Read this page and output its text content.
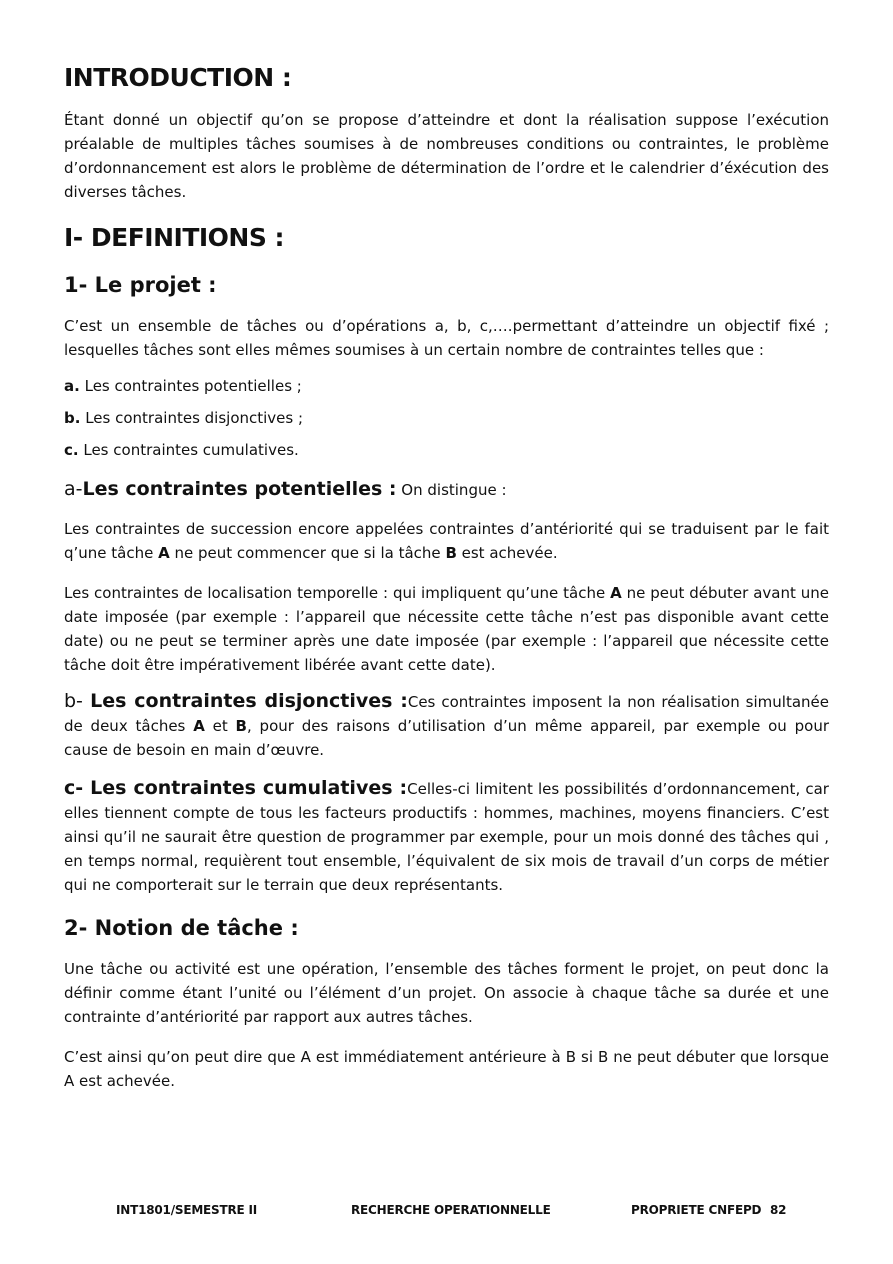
INTRODUCTION :

Étant donné un objectif qu’on se propose d’atteindre et dont la réalisation suppose l’exécution préalable de multiples tâches soumises à de nombreuses conditions ou contraintes, le problème d’ordonnancement est alors le problème de détermination de l’ordre et le calendrier d’éxécution des diverses tâches.

I- DEFINITIONS :
1- Le projet :

C’est un ensemble de tâches ou d’opérations a, b, c,….permettant d’atteindre un objectif fixé ; lesquelles tâches sont elles mêmes soumises à un certain nombre de contraintes telles que :

a. Les contraintes potentielles ;
b. Les contraintes disjonctives ;
c. Les contraintes cumulatives.

a-Les contraintes potentielles : On distingue :

Les contraintes de succession encore appelées contraintes d’antériorité qui se traduisent par le fait q’une tâche A ne peut commencer que si la tâche B est achevée.

Les contraintes de localisation temporelle : qui impliquent qu’une tâche A ne peut débuter avant une date imposée (par exemple : l’appareil que nécessite cette tâche n’est pas disponible avant cette date) ou ne peut se terminer après une date imposée (par exemple : l’appareil que nécessite cette tâche doit être impérativement libérée avant cette date).

b- Les contraintes disjonctives :Ces contraintes imposent la non réalisation simultanée de deux tâches A et B, pour des raisons d’utilisation d’un même appareil, par exemple ou pour cause de besoin en main d’œuvre.

c- Les contraintes cumulatives :Celles-ci limitent les possibilités d’ordonnancement, car elles tiennent compte de tous les facteurs productifs : hommes, machines, moyens financiers. C’est ainsi qu’il ne saurait être question de programmer par exemple, pour un mois donné des tâches qui , en temps normal, requièrent tout ensemble, l’équivalent de six mois de travail d’un corps de métier qui ne comporterait sur le terrain que deux représentants.

2- Notion de tâche :

Une tâche ou activité est une opération, l’ensemble des tâches forment le projet, on peut donc la définir comme étant l’unité ou l’élément d’un projet. On associe à chaque tâche sa durée et une contrainte d’antériorité par rapport aux autres tâches.

C’est ainsi qu’on peut dire que A est immédiatement antérieure à B si B ne peut débuter que lorsque A est achevée.

INT1801/SEMESTRE II	RECHERCHE OPERATIONNELLE	PROPRIETE CNFEPD 82
